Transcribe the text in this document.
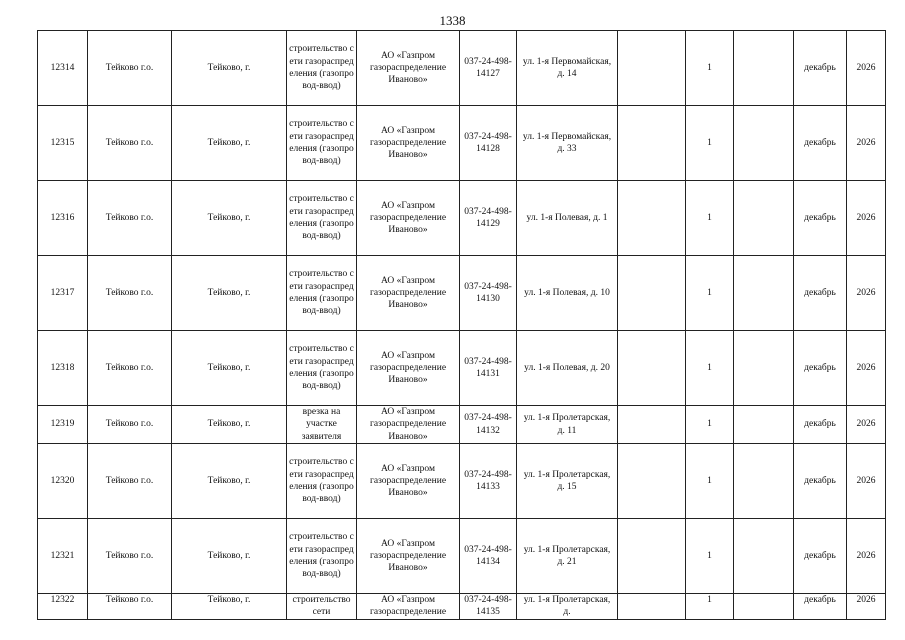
1338
12314	Тейково г.о.	Тейково, г.	строительство сети газораспределения (газопровод-ввод)	АО «Газпром газораспределение Иваново»	037-24-498-14127	ул. 1-я Первомайская, д. 14		1		декабрь	2026
12315	Тейково г.о.	Тейково, г.	строительство сети газораспределения (газопровод-ввод)	АО «Газпром газораспределение Иваново»	037-24-498-14128	ул. 1-я Первомайская, д. 33		1		декабрь	2026
12316	Тейково г.о.	Тейково, г.	строительство сети газораспределения (газопровод-ввод)	АО «Газпром газораспределение Иваново»	037-24-498-14129	ул. 1-я Полевая, д. 1		1		декабрь	2026
12317	Тейково г.о.	Тейково, г.	строительство сети газораспределения (газопровод-ввод)	АО «Газпром газораспределение Иваново»	037-24-498-14130	ул. 1-я Полевая, д. 10		1		декабрь	2026
12318	Тейково г.о.	Тейково, г.	строительство сети газораспределения (газопровод-ввод)	АО «Газпром газораспределение Иваново»	037-24-498-14131	ул. 1-я Полевая, д. 20		1		декабрь	2026
12319	Тейково г.о.	Тейково, г.	врезка на участке заявителя	АО «Газпром газораспределение Иваново»	037-24-498-14132	ул. 1-я Пролетарская, д. 11		1		декабрь	2026
12320	Тейково г.о.	Тейково, г.	строительство сети газораспределения (газопровод-ввод)	АО «Газпром газораспределение Иваново»	037-24-498-14133	ул. 1-я Пролетарская, д. 15		1		декабрь	2026
12321	Тейково г.о.	Тейково, г.	строительство сети газораспределения (газопровод-ввод)	АО «Газпром газораспределение Иваново»	037-24-498-14134	ул. 1-я Пролетарская, д. 21		1		декабрь	2026
12322	Тейково г.о.	Тейково, г.	строительство сети	АО «Газпром газораспределение	037-24-498-14135	ул. 1-я Пролетарская, д.		1		декабрь	2026
